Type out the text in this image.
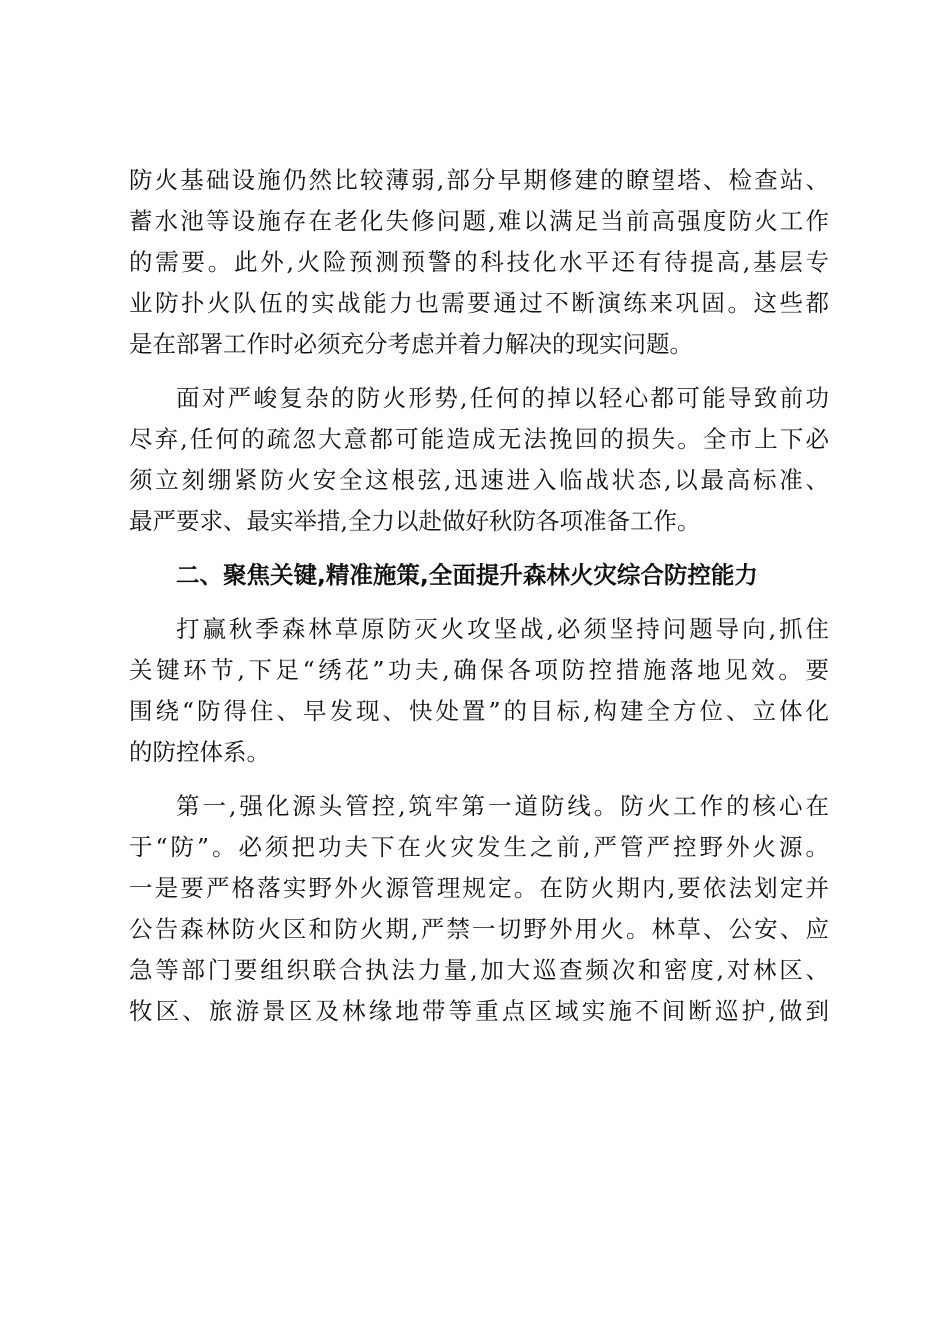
防火基础设施仍然比较薄弱,部分早期修建的瞭望塔、检查站、
蓄水池等设施存在老化失修问题,难以满足当前高强度防火工作
的需要。此外,火险预测预警的科技化水平还有待提高,基层专
业防扑火队伍的实战能力也需要通过不断演练来巩固。这些都
是在部署工作时必须充分考虑并着力解决的现实问题。
面对严峻复杂的防火形势,任何的掉以轻心都可能导致前功
尽弃,任何的疏忽大意都可能造成无法挽回的损失。全市上下必
须立刻绷紧防火安全这根弦,迅速进入临战状态,以最高标准、
最严要求、最实举措,全力以赴做好秋防各项准备工作。
二、聚焦关键,精准施策,全面提升森林火灾综合防控能力
打赢秋季森林草原防灭火攻坚战,必须坚持问题导向,抓住
关键环节,下足“绣花”功夫,确保各项防控措施落地见效。要
围绕“防得住、早发现、快处置”的目标,构建全方位、立体化
的防控体系。
第一,强化源头管控,筑牢第一道防线。防火工作的核心在
于“防”。必须把功夫下在火灾发生之前,严管严控野外火源。
一是要严格落实野外火源管理规定。在防火期内,要依法划定并
公告森林防火区和防火期,严禁一切野外用火。林草、公安、应
急等部门要组织联合执法力量,加大巡查频次和密度,对林区、
牧区、旅游景区及林缘地带等重点区域实施不间断巡护,做到
